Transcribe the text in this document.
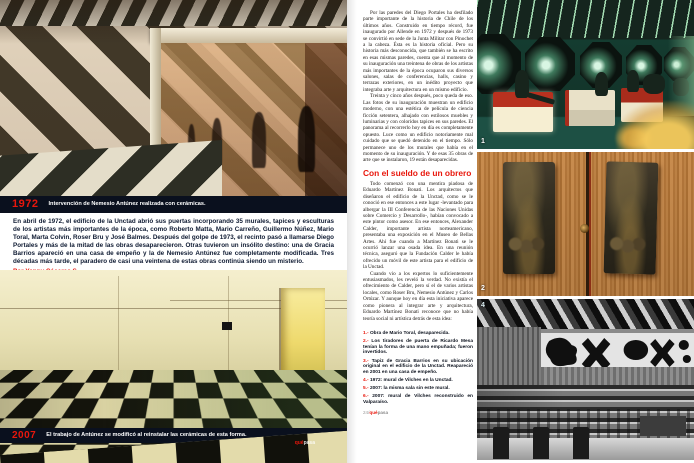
1972 Intervención de Nemesio Antúnez realizada con cerámicas.

En abril de 1972, el edificio de la Unctad abrió sus puertas incorporando 35 murales, tapices y esculturas de los artistas más importantes de la época, como Roberto Matta, Mario Carreño, Guillermo Núñez, Mario Toral, Marta Colvin, Roser Bru y José Balmes. Después del golpe de 1973, el recinto pasó a llamarse Diego Portales y más de la mitad de las obras desaparecieron. Otras tuvieron un insólito destino: una de Gracia Barrios apareció en una casa de empeño y la de Nemesio Antúnez fue completamente modificada. Tres décadas más tarde, el paradero de casi una veintena de estas obras continúa siendo un misterio.

2007 El trabajo de Antúnez se modificó al reinstalar las cerámicas de esta forma.
quépasa

Por las paredes del Diego Portales ha desfilado parte importante de la historia de Chile de los últimos años. Construido en tiempo récord, fue inaugurado por Allende en 1972 y después de 1973 se convirtió en sede de la Junta Militar con Pinochet a la cabeza. Ésta es la historia oficial. Pero su historia más desconocida, que también se ha escrito en esas mismas paredes, cuenta que al momento de su inauguración una treintena de obras de los artistas más importantes de la época ocuparon sus diversos salones, salas de conferencias, halls, casino y terrazas exteriores, en un inédito proyecto que integraba arte y arquitectura en un mismo edificio.

Treinta y cinco años después, poco queda de eso. Las fotos de su inauguración muestran un edificio moderno, con una estética de película de ciencia ficción setentera, alhajado con estilosos muebles y luminarias y con coloridos tapices en sus paredes. El panorama al recorrerlo hoy en día es completamente opuesto. Luce como un edificio notoriamente mal cuidado que se quedó detenido en el tiempo. Sólo permanece uno de los murales que había en el momento de su inauguración. Y de esas 35 obras de arte que se instalaron, 19 están desaparecidas.

Con el sueldo de un obrero

Todo comenzó con una mentira piadosa de Eduardo Martínez Bonati. Los arquitectos que diseñaron el edificio de la Unctad, como se le conoció en ese entonces a este lugar -levantado para albergar la III Conferencia de las Naciones Unidas sobre Comercio y Desarrollo-, habían convocado a este pintor como asesor. En ese entonces, Alexander Calder, importante artista norteamericano, presentaba una exposición en el Museo de Bellas Artes. Ahí fue cuando a Martínez Bonati se le ocurrió lanzar una osada idea. En una reunión técnica, aseguró que la Fundación Calder le había ofrecido un móvil de este artista para el edificio de la Unctad.

Cuando vio a los expertos lo suficientemente entusiasmados, les reveló la verdad. No existía el ofrecimiento de Calder, pero sí el de varios artistas locales, como Roser Bru, Nemesio Antúnez y Carlos Ortúzar. Y aunque hoy en día esta iniciativa aparece como pionera al integrar arte y arquitectura, Eduardo Martínez Bonati reconoce que no había teoría social ni artística detrás de esta idea:

1.- Obra de Mario Toral, desaparecida.

2.- Los tiradores de puerta de Ricardo Mesa tenían la forma de una mano empuñada; fueron invertidos.

3.- Tapiz de Gracia Barrios en su ubicación original en el edificio de la Unctad. Reapareció en 2001 en una casa de empeño.

4.- 1972: mural de Vilches en la Unctad.

5.- 2007: la misma sala sin este mural.

6.- 2007: mural de Vilches reconstruido en Valparaíso.

24/quépasa
1
2
4
